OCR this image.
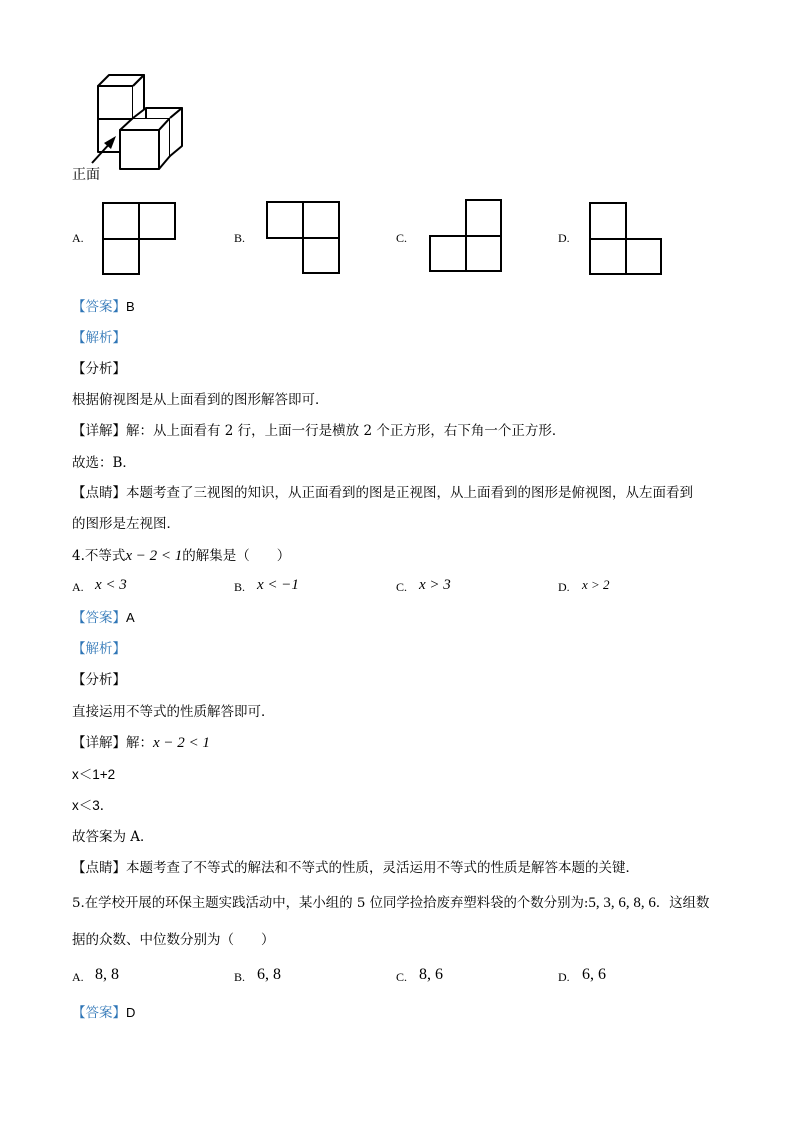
正面
A.	B.	C.	D.
【答案】B
【解析】
【分析】
根据俯视图是从上面看到的图形解答即可．
【详解】解：从上面看有 2 行，上面一行是横放 2 个正方形，右下角一个正方形．
故选：B．
【点睛】本题考查了三视图的知识，从正面看到的图是正视图，从上面看到的图形是俯视图，从左面看到
的图形是左视图．
4.不等式x − 2 < 1的解集是（　　）
A. x < 3	B. x < −1	C. x > 3	D. x > 2
【答案】A
【解析】
【分析】
直接运用不等式的性质解答即可．
【详解】解：x − 2 < 1
x＜1+2
x＜3．
故答案为 A．
【点睛】本题考查了不等式的解法和不等式的性质，灵活运用不等式的性质是解答本题的关键．
5.在学校开展的环保主题实践活动中，某小组的 5 位同学捡拾废弃塑料袋的个数分别为:5, 3, 6, 8, 6．这组数
据的众数、中位数分别为（　　）
A. 8, 8	B. 6, 8	C. 8, 6	D. 6, 6
【答案】D
